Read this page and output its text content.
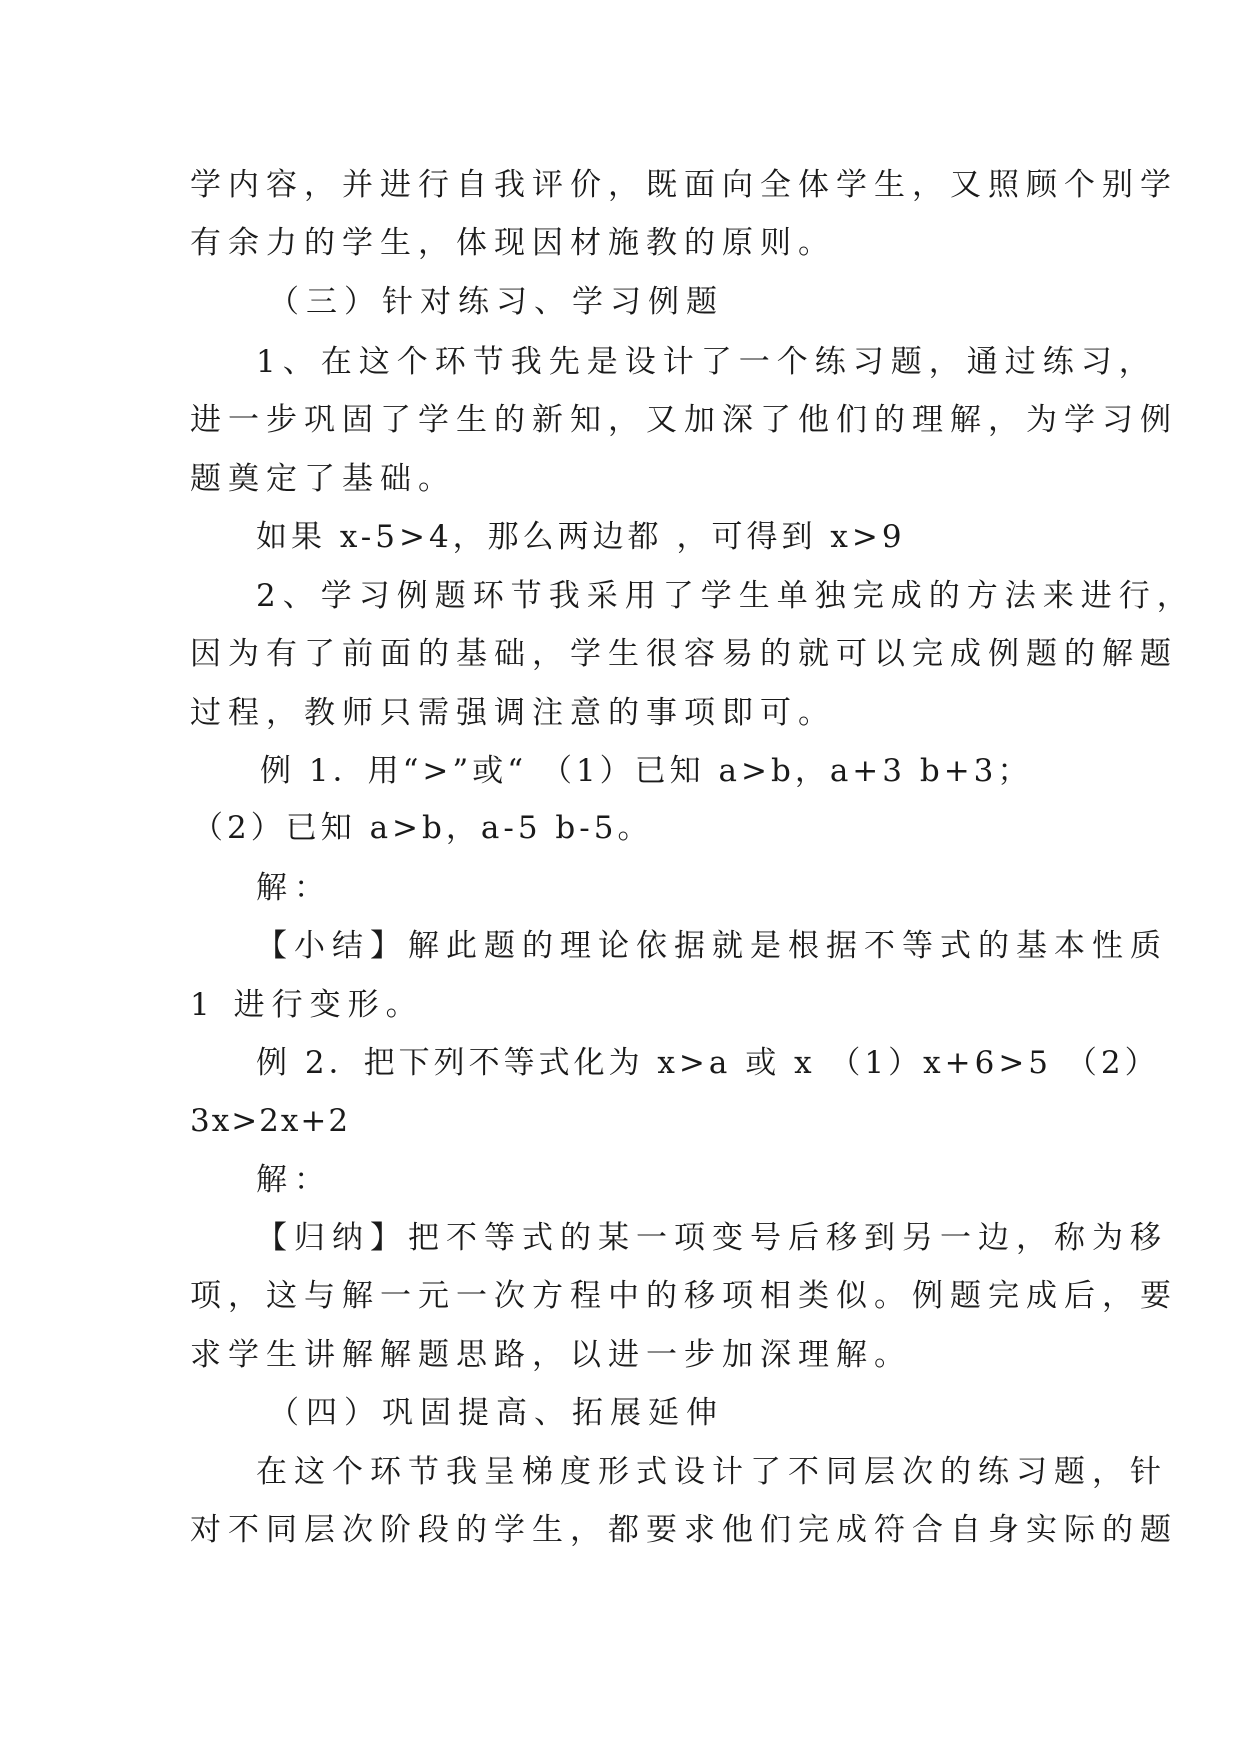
学内容，并进行自我评价，既面向全体学生，又照顾个别学
有余力的学生，体现因材施教的原则。
（三）针对练习、学习例题
1、在这个环节我先是设计了一个练习题，通过练习，
进一步巩固了学生的新知，又加深了他们的理解，为学习例
题奠定了基础。
如果 x-5>4，那么两边都 ，可得到 x>9
2、学习例题环节我采用了学生单独完成的方法来进行，
因为有了前面的基础，学生很容易的就可以完成例题的解题
过程，教师只需强调注意的事项即可。
例 1．用“>”或“ （1）已知 a>b，a+3 b+3；
（2）已知 a>b，a-5 b-5。
解：
【小结】解此题的理论依据就是根据不等式的基本性质
1 进行变形。
例 2．把下列不等式化为 x>a 或 x （1）x+6>5 （2）
3x>2x+2
解：
【归纳】把不等式的某一项变号后移到另一边，称为移
项，这与解一元一次方程中的移项相类似。例题完成后，要
求学生讲解解题思路，以进一步加深理解。
（四）巩固提高、拓展延伸
在这个环节我呈梯度形式设计了不同层次的练习题，针
对不同层次阶段的学生，都要求他们完成符合自身实际的题
